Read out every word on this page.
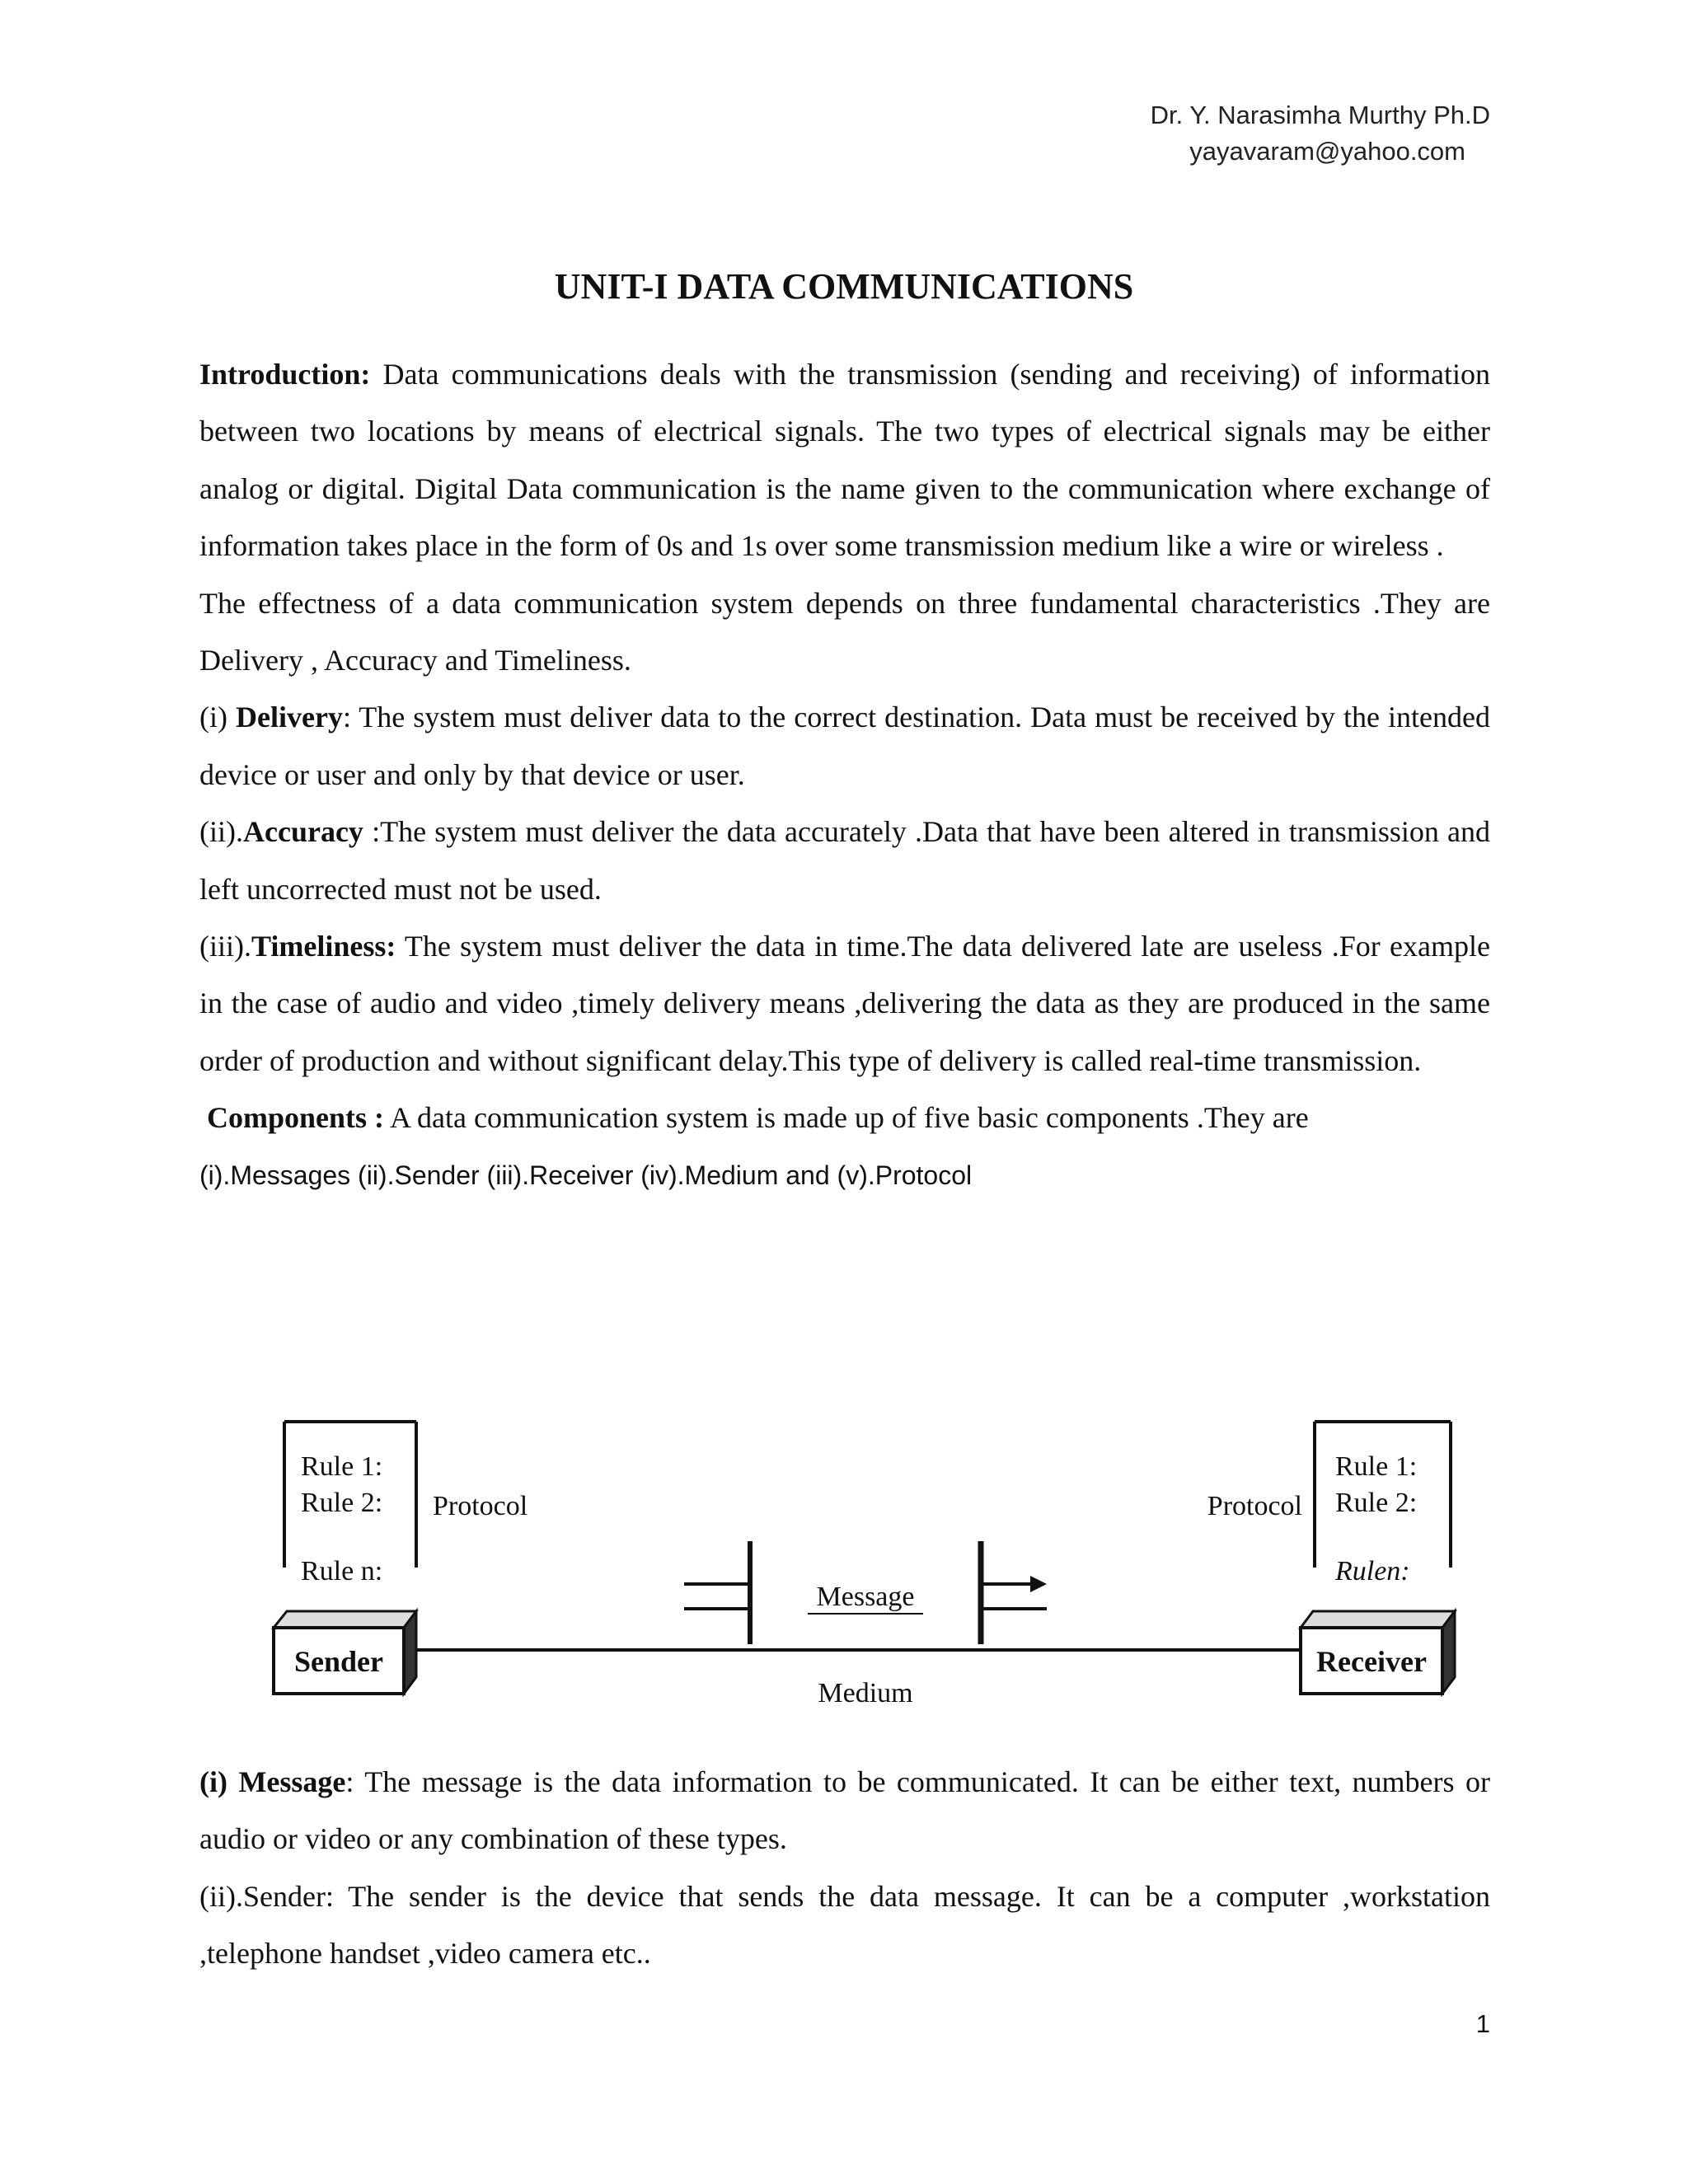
Dr. Y. Narasimha Murthy Ph.D
yayavaram@yahoo.com
UNIT-I DATA COMMUNICATIONS

Introduction: Data communications deals with the transmission (sending and receiving) of information between two locations by means of electrical signals. The two types of electrical signals may be either analog or digital. Digital Data communication is the name given to the communication where exchange of information takes place in the form of 0s and 1s over some transmission medium like a wire or wireless .

The effectness of a data communication system depends on three fundamental characteristics .They are Delivery , Accuracy and Timeliness.

(i) Delivery: The system must deliver data to the correct destination. Data must be received by the intended device or user and only by that device or user.

(ii).Accuracy :The system must deliver the data accurately .Data that have been altered in transmission and left uncorrected must not be used.

(iii).Timeliness: The system must deliver the data in time.The data delivered late are useless .For example in the case of audio and video ,timely delivery means ,delivering the data as they are produced in the same order of production and without significant delay.This type of delivery is called real-time transmission.

Components : A data communication system is made up of five basic components .They are

(i).Messages (ii).Sender (iii).Receiver (iv).Medium and (v).Protocol

Rule 1:
Rule 2:
Rule n:
Protocol
Sender
Medium
Message
Rule 1:
Rule 2:
Rulen:
Protocol
Receiver

(i) Message: The message is the data information to be communicated. It can be either text, numbers or audio or video or any combination of these types.

(ii).Sender: The sender is the device that sends the data message. It can be a computer ,workstation ,telephone handset ,video camera etc..

1
